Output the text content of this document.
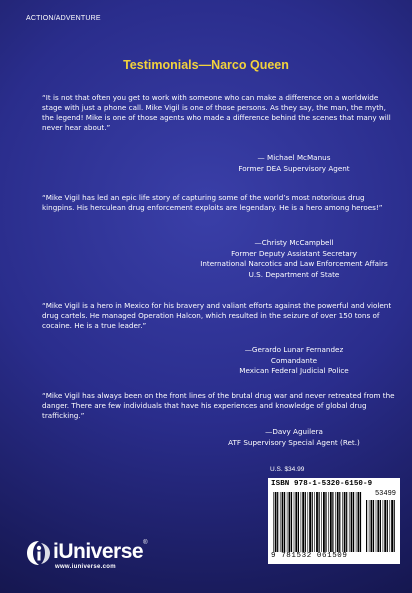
ACTION/ADVENTURE
Testimonials—Narco Queen
“It is not that often you get to work with someone who can make a difference on a worldwide stage with just a phone call. Mike Vigil is one of those persons. As they say, the man, the myth, the legend! Mike is one of those agents who made a difference behind the scenes that many will never hear about.”
— Michael McManus
Former DEA Supervisory Agent
“Mike Vigil has led an epic life story of capturing some of the world’s most notorious drug kingpins. His herculean drug enforcement exploits are legendary. He is a hero among heroes!”
—Christy McCampbell
Former Deputy Assistant Secretary
International Narcotics and Law Enforcement Affairs
U.S. Department of State
“Mike Vigil is a hero in Mexico for his bravery and valiant efforts against the powerful and violent drug cartels. He managed Operation Halcon, which resulted in the seizure of over 150 tons of cocaine. He is a true leader.”
—Gerardo Lunar Fernandez
Comandante
Mexican Federal Judicial Police
“Mike Vigil has always been on the front lines of the brutal drug war and never retreated from the danger. There are few individuals that have his experiences and knowledge of global drug trafficking.”
—Davy Aguilera
ATF Supervisory Special Agent (Ret.)
U.S. $34.99
ISBN 978-1-5320-6150-9
53499
9 781532 061509
iUniverse®
www.iuniverse.com
